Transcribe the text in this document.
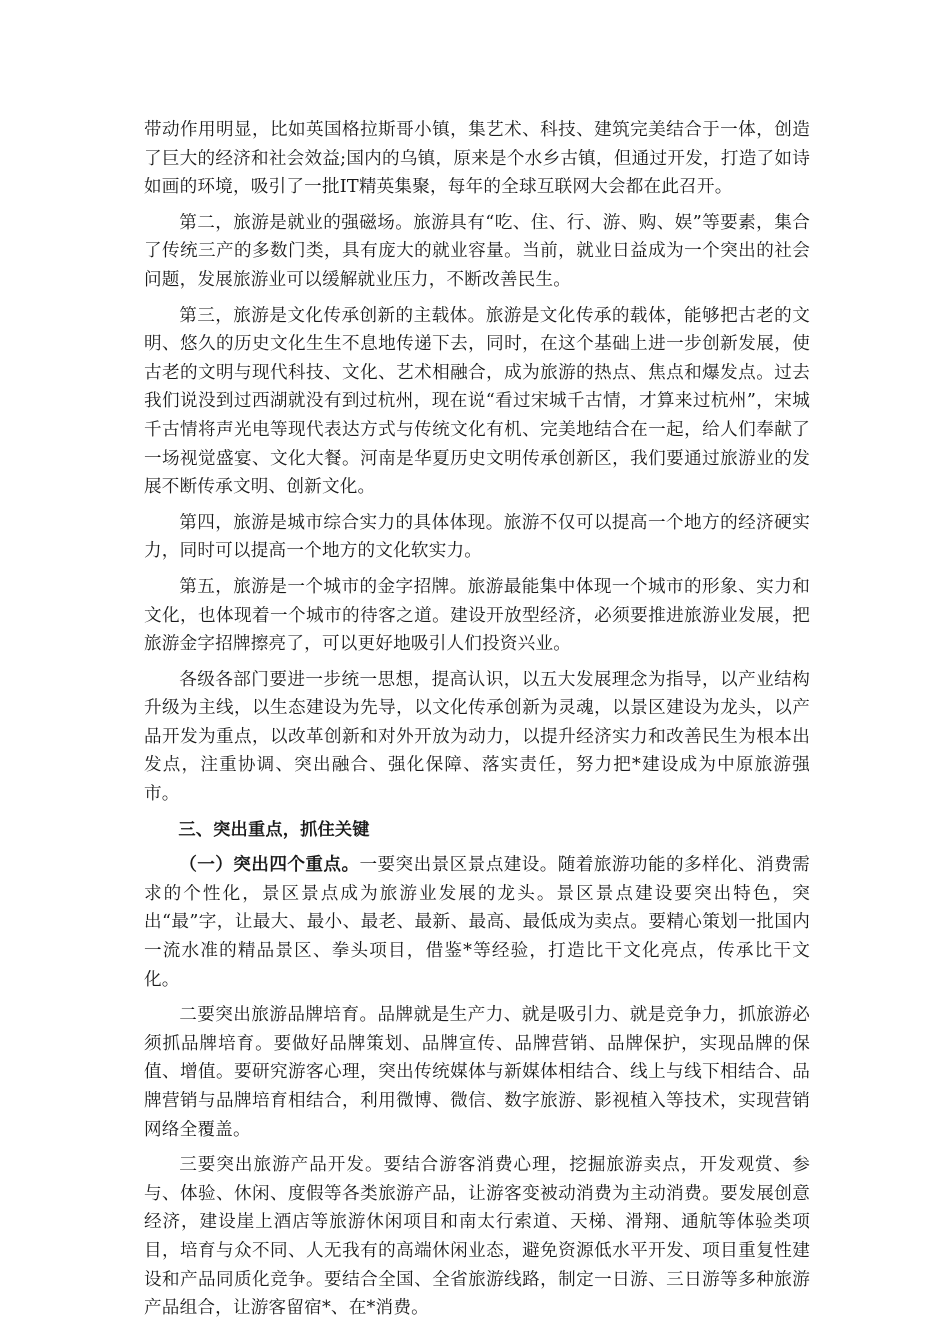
带动作用明显，比如英国格拉斯哥小镇，集艺术、科技、建筑完美结合于一体，创造了巨大的经济和社会效益;国内的乌镇，原来是个水乡古镇，但通过开发，打造了如诗如画的环境，吸引了一批IT精英集聚，每年的全球互联网大会都在此召开。

第二，旅游是就业的强磁场。旅游具有“吃、住、行、游、购、娱”等要素，集合了传统三产的多数门类，具有庞大的就业容量。当前，就业日益成为一个突出的社会问题，发展旅游业可以缓解就业压力，不断改善民生。

第三，旅游是文化传承创新的主载体。旅游是文化传承的载体，能够把古老的文明、悠久的历史文化生生不息地传递下去，同时，在这个基础上进一步创新发展，使古老的文明与现代科技、文化、艺术相融合，成为旅游的热点、焦点和爆发点。过去我们说没到过西湖就没有到过杭州，现在说“看过宋城千古情，才算来过杭州”，宋城千古情将声光电等现代表达方式与传统文化有机、完美地结合在一起，给人们奉献了一场视觉盛宴、文化大餐。河南是华夏历史文明传承创新区，我们要通过旅游业的发展不断传承文明、创新文化。

第四，旅游是城市综合实力的具体体现。旅游不仅可以提高一个地方的经济硬实力，同时可以提高一个地方的文化软实力。

第五，旅游是一个城市的金字招牌。旅游最能集中体现一个城市的形象、实力和文化，也体现着一个城市的待客之道。建设开放型经济，必须要推进旅游业发展，把旅游金字招牌擦亮了，可以更好地吸引人们投资兴业。

各级各部门要进一步统一思想，提高认识，以五大发展理念为指导，以产业结构升级为主线，以生态建设为先导，以文化传承创新为灵魂，以景区建设为龙头，以产品开发为重点，以改革创新和对外开放为动力，以提升经济实力和改善民生为根本出发点，注重协调、突出融合、强化保障、落实责任，努力把*建设成为中原旅游强市。

三、突出重点，抓住关键

（一）突出四个重点。一要突出景区景点建设。随着旅游功能的多样化、消费需求的个性化，景区景点成为旅游业发展的龙头。景区景点建设要突出特色，突出“最”字，让最大、最小、最老、最新、最高、最低成为卖点。要精心策划一批国内一流水准的精品景区、拳头项目，借鉴*等经验，打造比干文化亮点，传承比干文化。

二要突出旅游品牌培育。品牌就是生产力、就是吸引力、就是竞争力，抓旅游必须抓品牌培育。要做好品牌策划、品牌宣传、品牌营销、品牌保护，实现品牌的保值、增值。要研究游客心理，突出传统媒体与新媒体相结合、线上与线下相结合、品牌营销与品牌培育相结合，利用微博、微信、数字旅游、影视植入等技术，实现营销网络全覆盖。

三要突出旅游产品开发。要结合游客消费心理，挖掘旅游卖点，开发观赏、参与、体验、休闲、度假等各类旅游产品，让游客变被动消费为主动消费。要发展创意经济，建设崖上酒店等旅游休闲项目和南太行索道、天梯、滑翔、通航等体验类项目，培育与众不同、人无我有的高端休闲业态，避免资源低水平开发、项目重复性建设和产品同质化竞争。要结合全国、全省旅游线路，制定一日游、三日游等多种旅游产品组合，让游客留宿*、在*消费。
